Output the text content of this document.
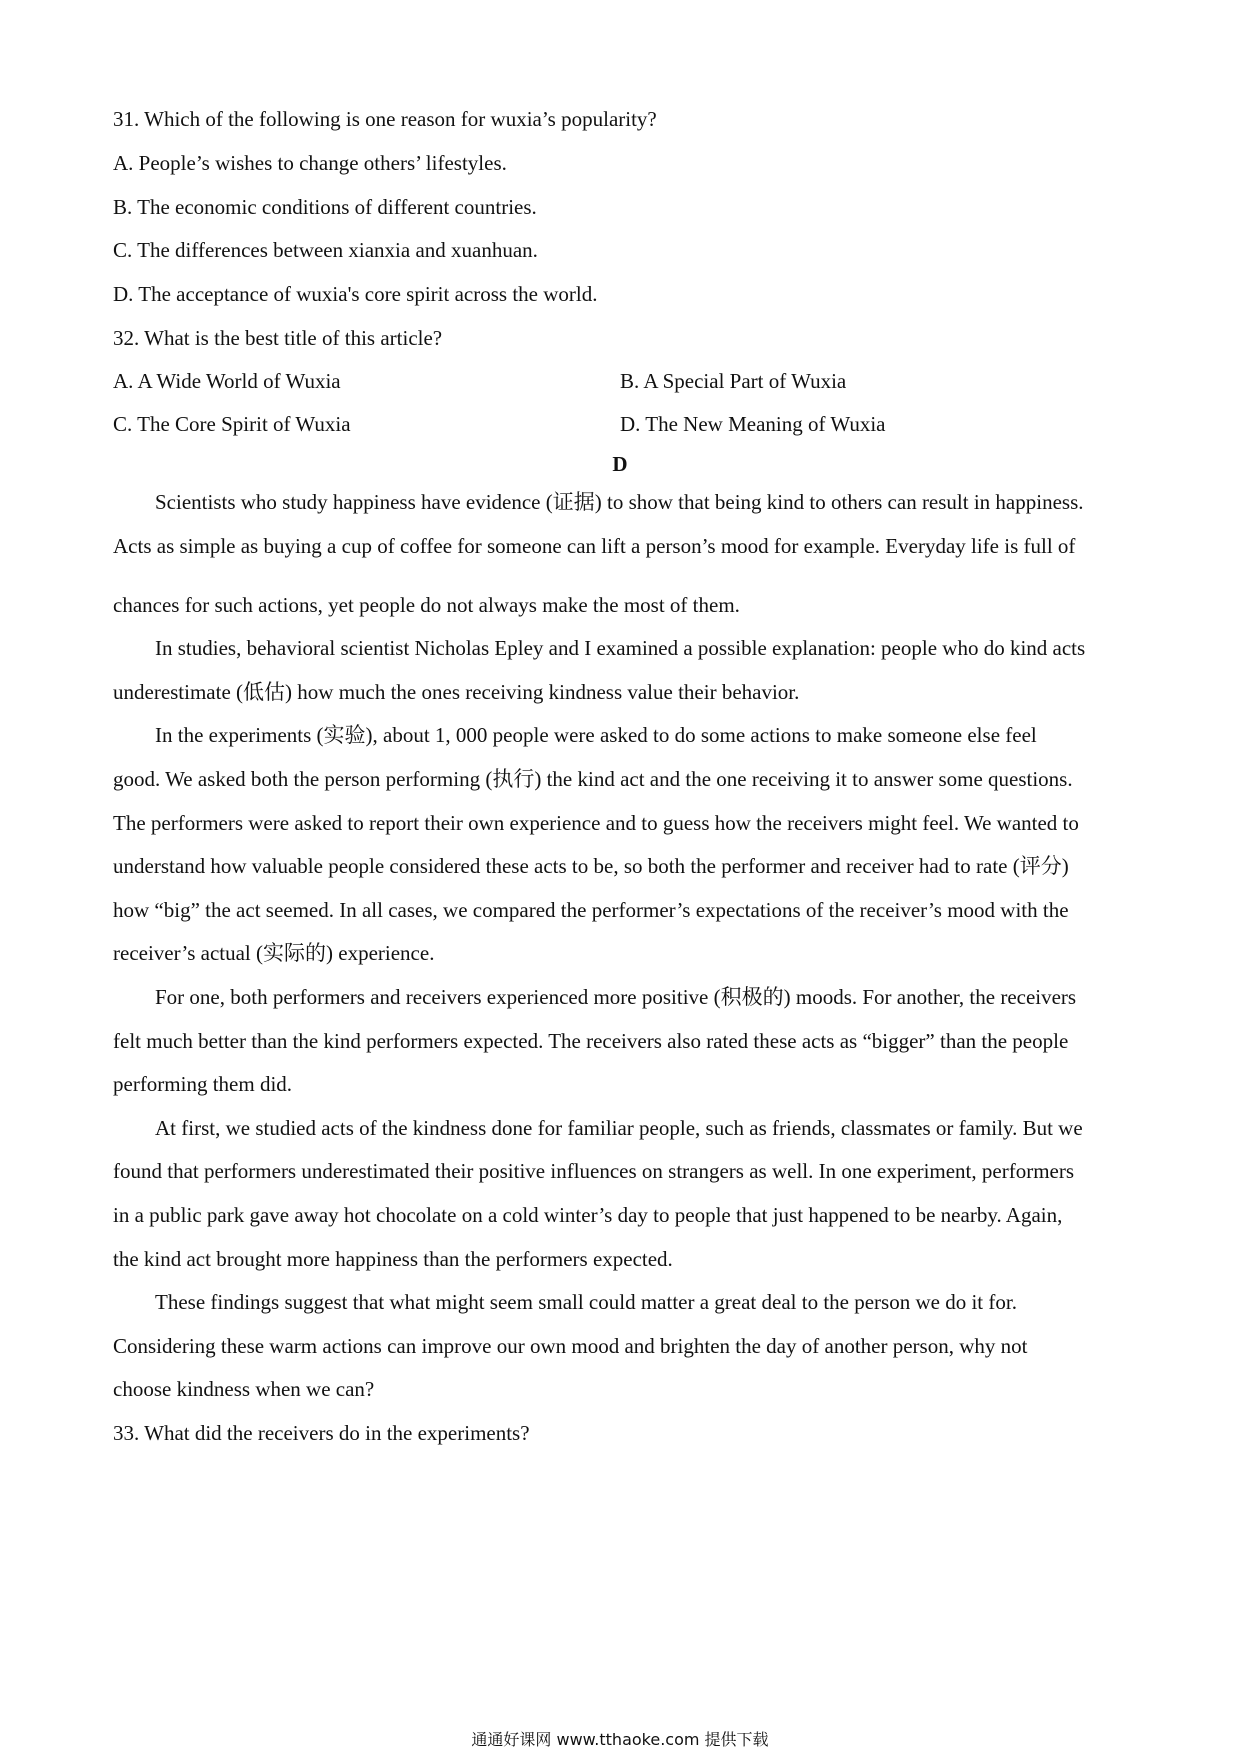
31. Which of the following is one reason for wuxia’s popularity?
A. People’s wishes to change others’ lifestyles.
B. The economic conditions of different countries.
C. The differences between xianxia and xuanhuan.
D. The acceptance of wuxia's core spirit across the world.
32. What is the best title of this article?
A. A Wide World of Wuxia	B. A Special Part of Wuxia
C. The Core Spirit of Wuxia	D. The New Meaning of Wuxia
D
Scientists who study happiness have evidence (证据) to show that being kind to others can result in happiness.
Acts as simple as buying a cup of coffee for someone can lift a person’s mood for example. Everyday life is full of
chances for such actions, yet people do not always make the most of them.
In studies, behavioral scientist Nicholas Epley and I examined a possible explanation: people who do kind acts
underestimate (低估) how much the ones receiving kindness value their behavior.
In the experiments (实验), about 1, 000 people were asked to do some actions to make someone else feel
good. We asked both the person performing (执行) the kind act and the one receiving it to answer some questions.
The performers were asked to report their own experience and to guess how the receivers might feel. We wanted to
understand how valuable people considered these acts to be, so both the performer and receiver had to rate (评分)
how “big” the act seemed. In all cases, we compared the performer’s expectations of the receiver’s mood with the
receiver’s actual (实际的) experience.
For one, both performers and receivers experienced more positive (积极的) moods. For another, the receivers
felt much better than the kind performers expected. The receivers also rated these acts as “bigger” than the people
performing them did.
At first, we studied acts of the kindness done for familiar people, such as friends, classmates or family. But we
found that performers underestimated their positive influences on strangers as well. In one experiment, performers
in a public park gave away hot chocolate on a cold winter’s day to people that just happened to be nearby. Again,
the kind act brought more happiness than the performers expected.
These findings suggest that what might seem small could matter a great deal to the person we do it for.
Considering these warm actions can improve our own mood and brighten the day of another person, why not
choose kindness when we can?
33. What did the receivers do in the experiments?
通通好课网 www.tthaoke.com 提供下载
